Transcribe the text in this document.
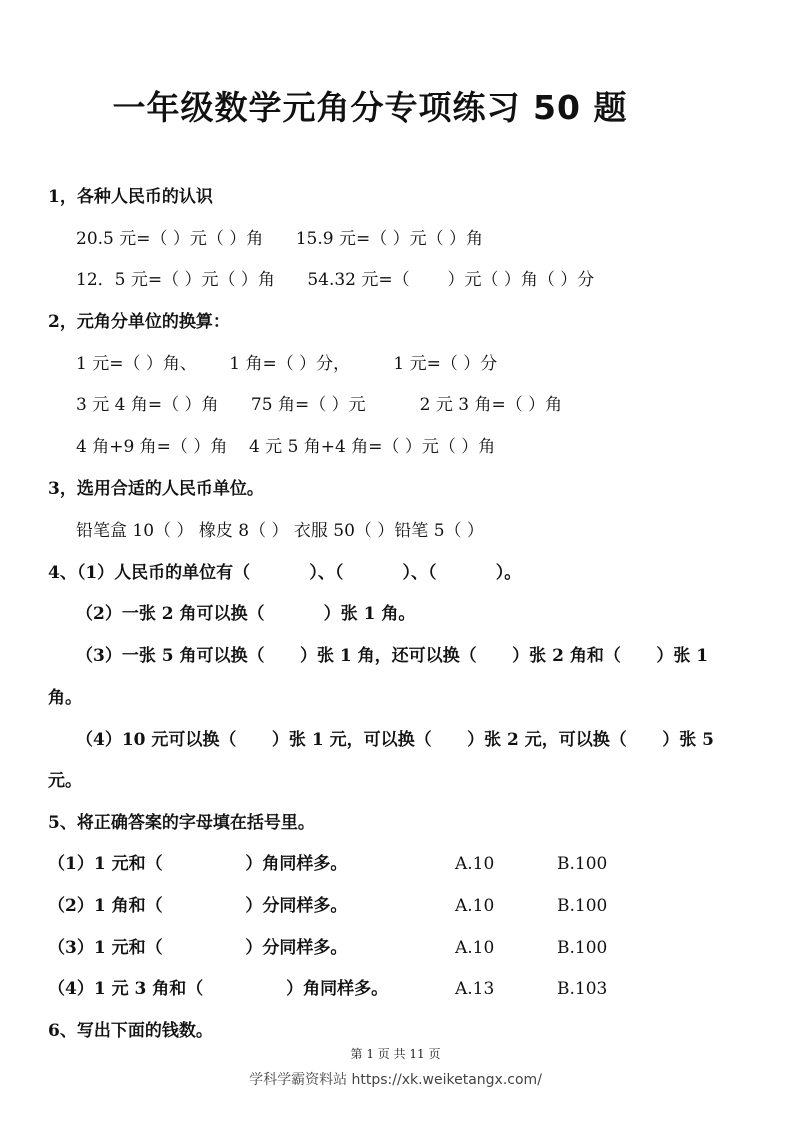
一年级数学元角分专项练习 50 题
1，各种人民币的认识
20.5 元=（ ）元（ ）角      15.9 元=（ ）元（ ）角
12．5 元=（ ）元（ ）角      54.32 元=（       ）元（ ）角（ ）分
2，元角分单位的换算：
1 元=（ ）角、      1 角=（ ）分，        1 元=（ ）分
3 元 4 角=（ ）角      75 角=（ ）元          2 元 3 角=（ ）角
4 角+9 角=（ ）角    4 元 5 角+4 角=（ ）元（ ）角
3，选用合适的人民币单位。
铅笔盒 10（ ） 橡皮 8（ ） 衣服 50（ ）铅笔 5（ ）
4、（1）人民币的单位有（          ）、（          ）、（          ）。
（2）一张 2 角可以换（          ）张 1 角。
（3）一张 5 角可以换（      ）张 1 角，还可以换（      ）张 2 角和（      ）张 1
角。
（4）10 元可以换（      ）张 1 元，可以换（      ）张 2 元，可以换（      ）张 5
元。
5、将正确答案的字母填在括号里。
（1）1 元和（              ）角同样多。	A.10	B.100
（2）1 角和（              ）分同样多。	A.10	B.100
（3）1 元和（              ）分同样多。	A.10	B.100
（4）1 元 3 角和（              ）角同样多。	A.13	B.103
6、写出下面的钱数。
第 1 页 共 11 页
学科学霸资料站 https://xk.weiketangx.com/
